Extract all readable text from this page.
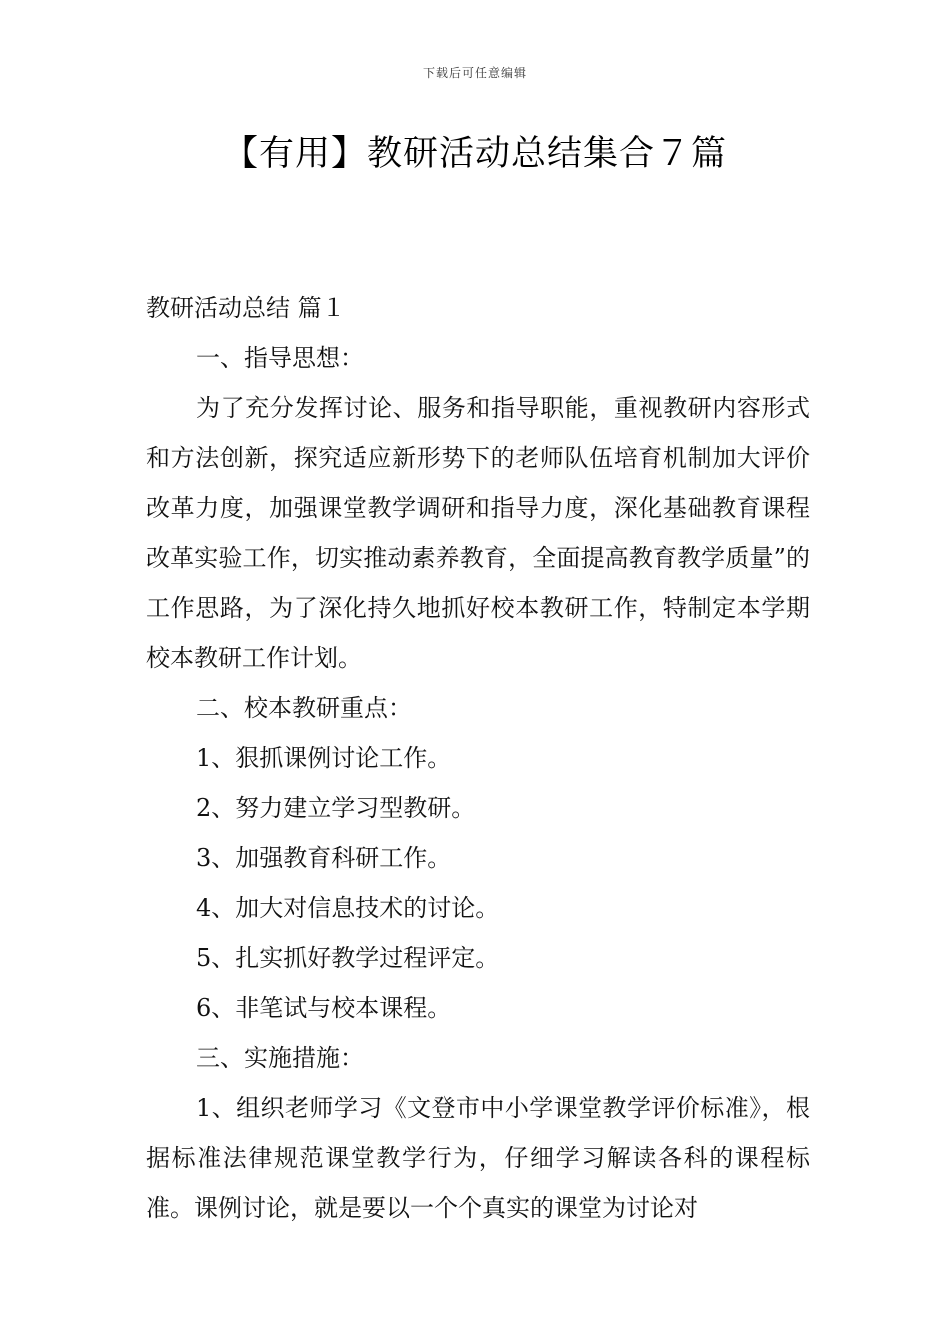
下载后可任意编辑
【有用】教研活动总结集合７篇

教研活动总结 篇１

一、指导思想：

为了充分发挥讨论、服务和指导职能，重视教研内容形式和方法创新，探究适应新形势下的老师队伍培育机制加大评价改革力度，加强课堂教学调研和指导力度，深化基础教育课程改革实验工作，切实推动素养教育，全面提高教育教学质量”的工作思路，为了深化持久地抓好校本教研工作，特制定本学期校本教研工作计划。

二、校本教研重点：

1、狠抓课例讨论工作。

2、努力建立学习型教研。

3、加强教育科研工作。

4、加大对信息技术的讨论。

5、扎实抓好教学过程评定。

6、非笔试与校本课程。

三、实施措施：

1、组织老师学习《文登市中小学课堂教学评价标准》，根据标准法律规范课堂教学行为，仔细学习解读各科的课程标准。课例讨论，就是要以一个个真实的课堂为讨论对
